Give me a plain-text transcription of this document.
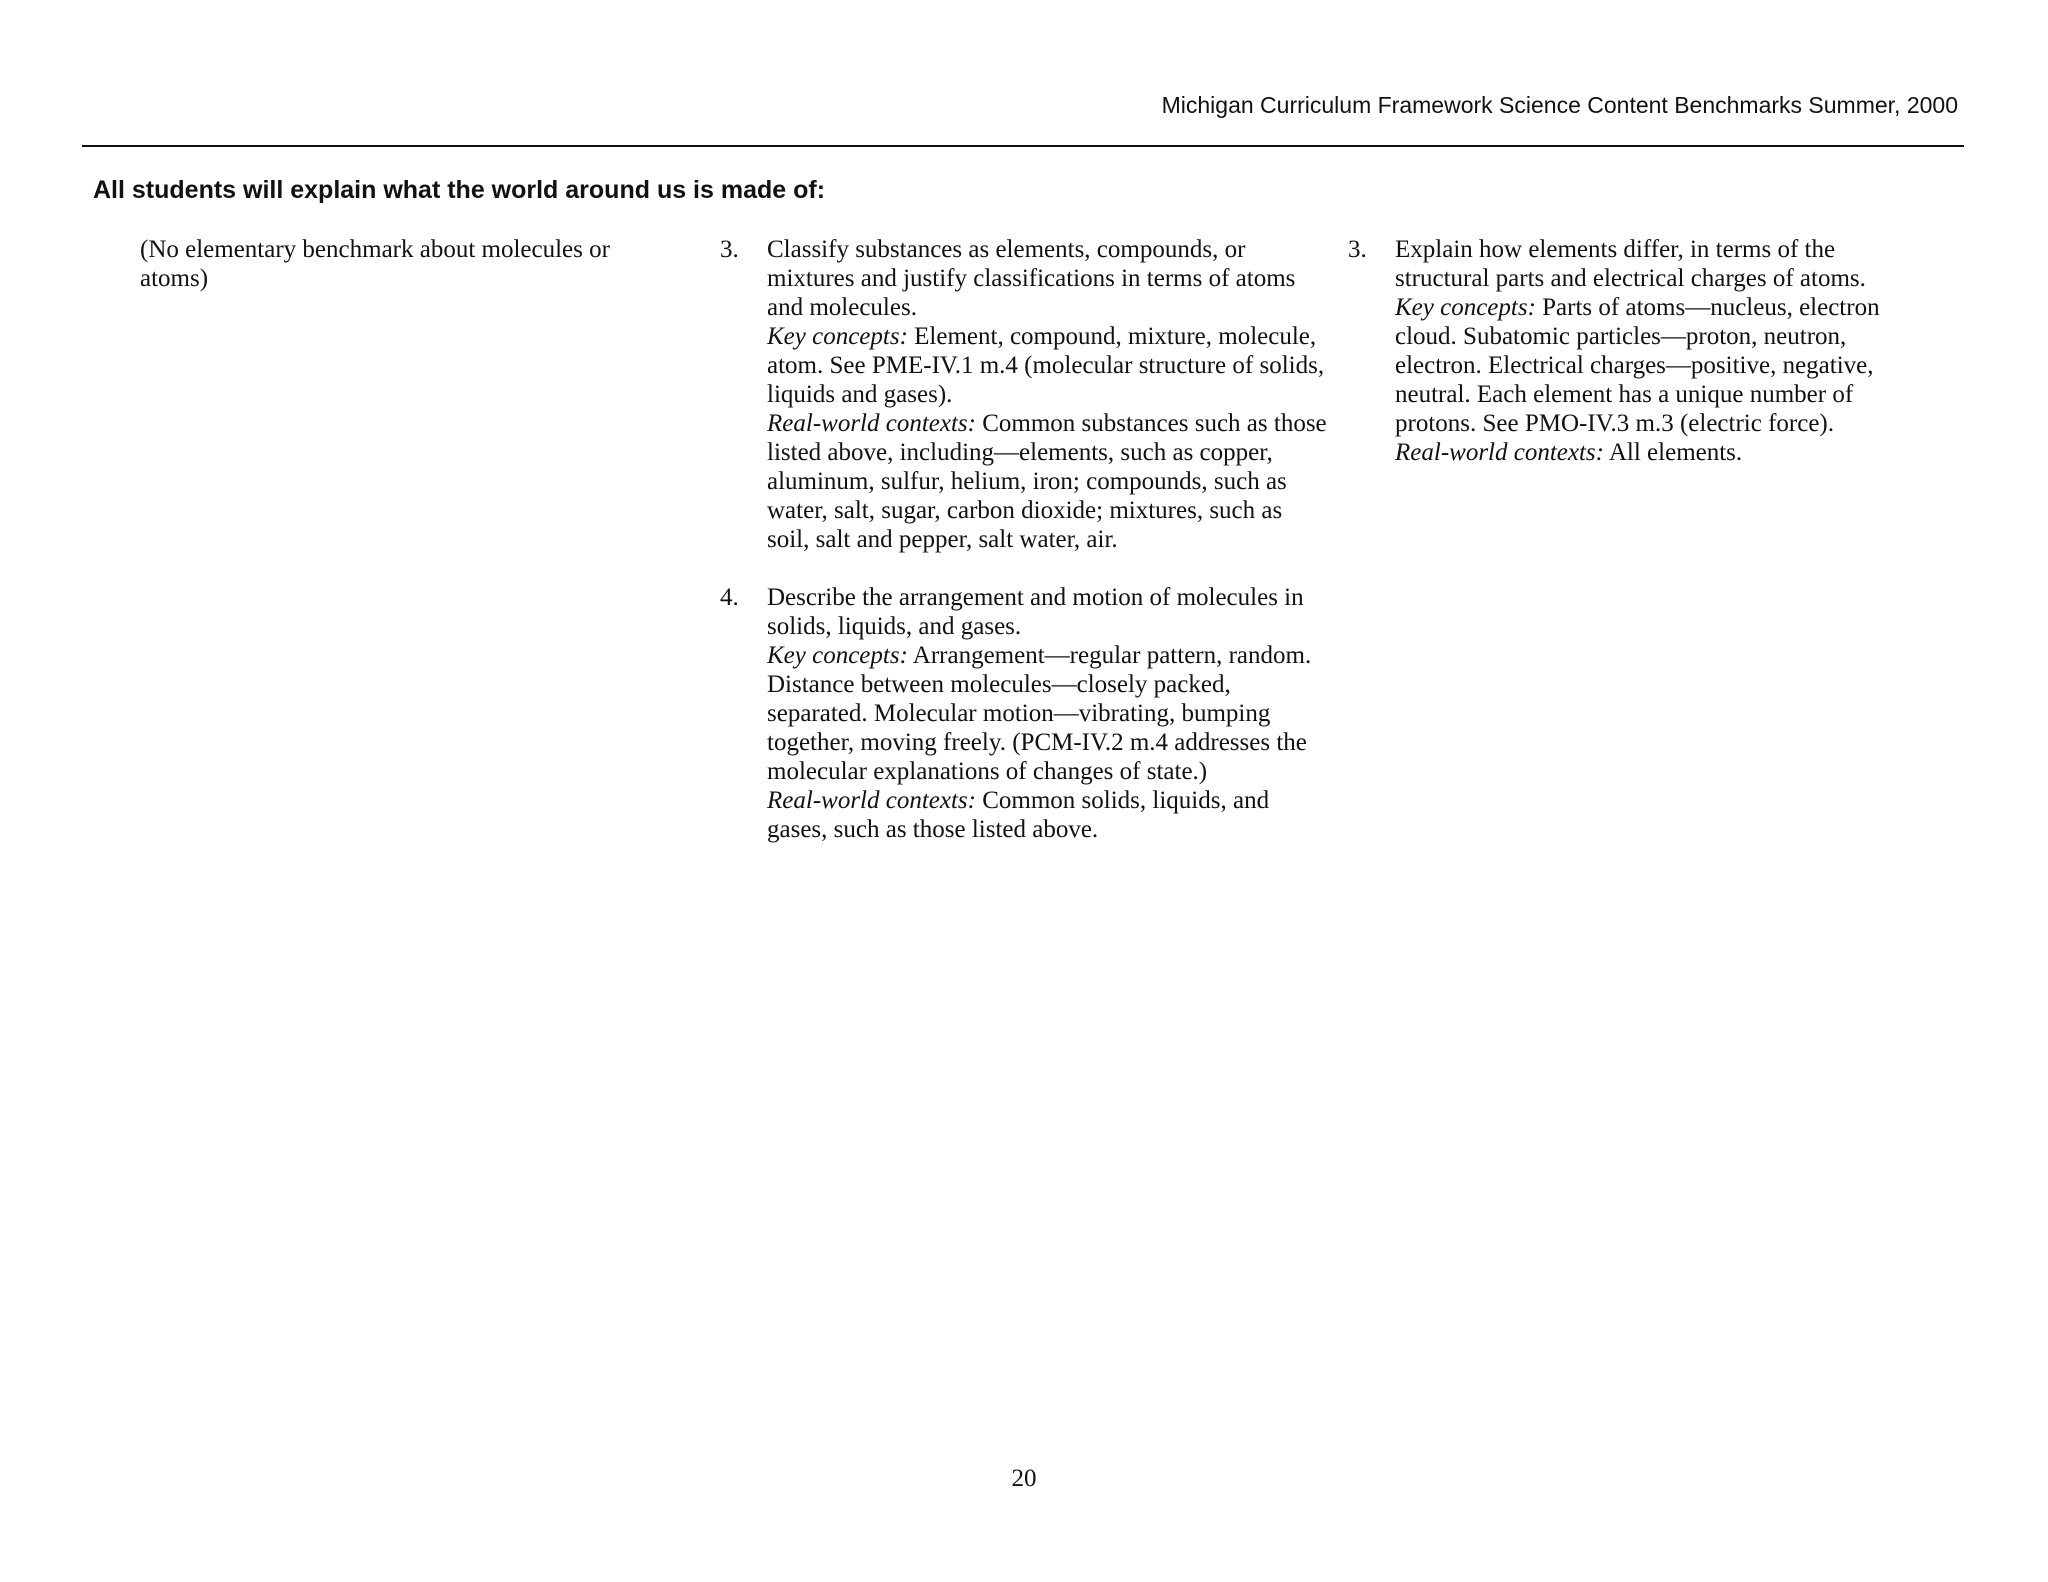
Michigan Curriculum Framework Science Content Benchmarks Summer, 2000
All students will explain what the world around us is made of:

(No elementary benchmark about molecules or atoms)

3. Classify substances as elements, compounds, or mixtures and justify classifications in terms of atoms and molecules.

Key concepts: Element, compound, mixture, molecule, atom. See PME-IV.1 m.4 (molecular structure of solids, liquids and gases).

Real-world contexts: Common substances such as those listed above, including—elements, such as copper, aluminum, sulfur, helium, iron; compounds, such as water, salt, sugar, carbon dioxide; mixtures, such as soil, salt and pepper, salt water, air.

4. Describe the arrangement and motion of molecules in solids, liquids, and gases.

Key concepts: Arrangement—regular pattern, random. Distance between molecules—closely packed, separated. Molecular motion—vibrating, bumping together, moving freely. (PCM-IV.2 m.4 addresses the molecular explanations of changes of state.)

Real-world contexts: Common solids, liquids, and gases, such as those listed above.

3. Explain how elements differ, in terms of the structural parts and electrical charges of atoms.

Key concepts: Parts of atoms—nucleus, electron cloud. Subatomic particles—proton, neutron, electron. Electrical charges—positive, negative, neutral. Each element has a unique number of protons. See PMO-IV.3 m.3 (electric force).

Real-world contexts: All elements.

20
